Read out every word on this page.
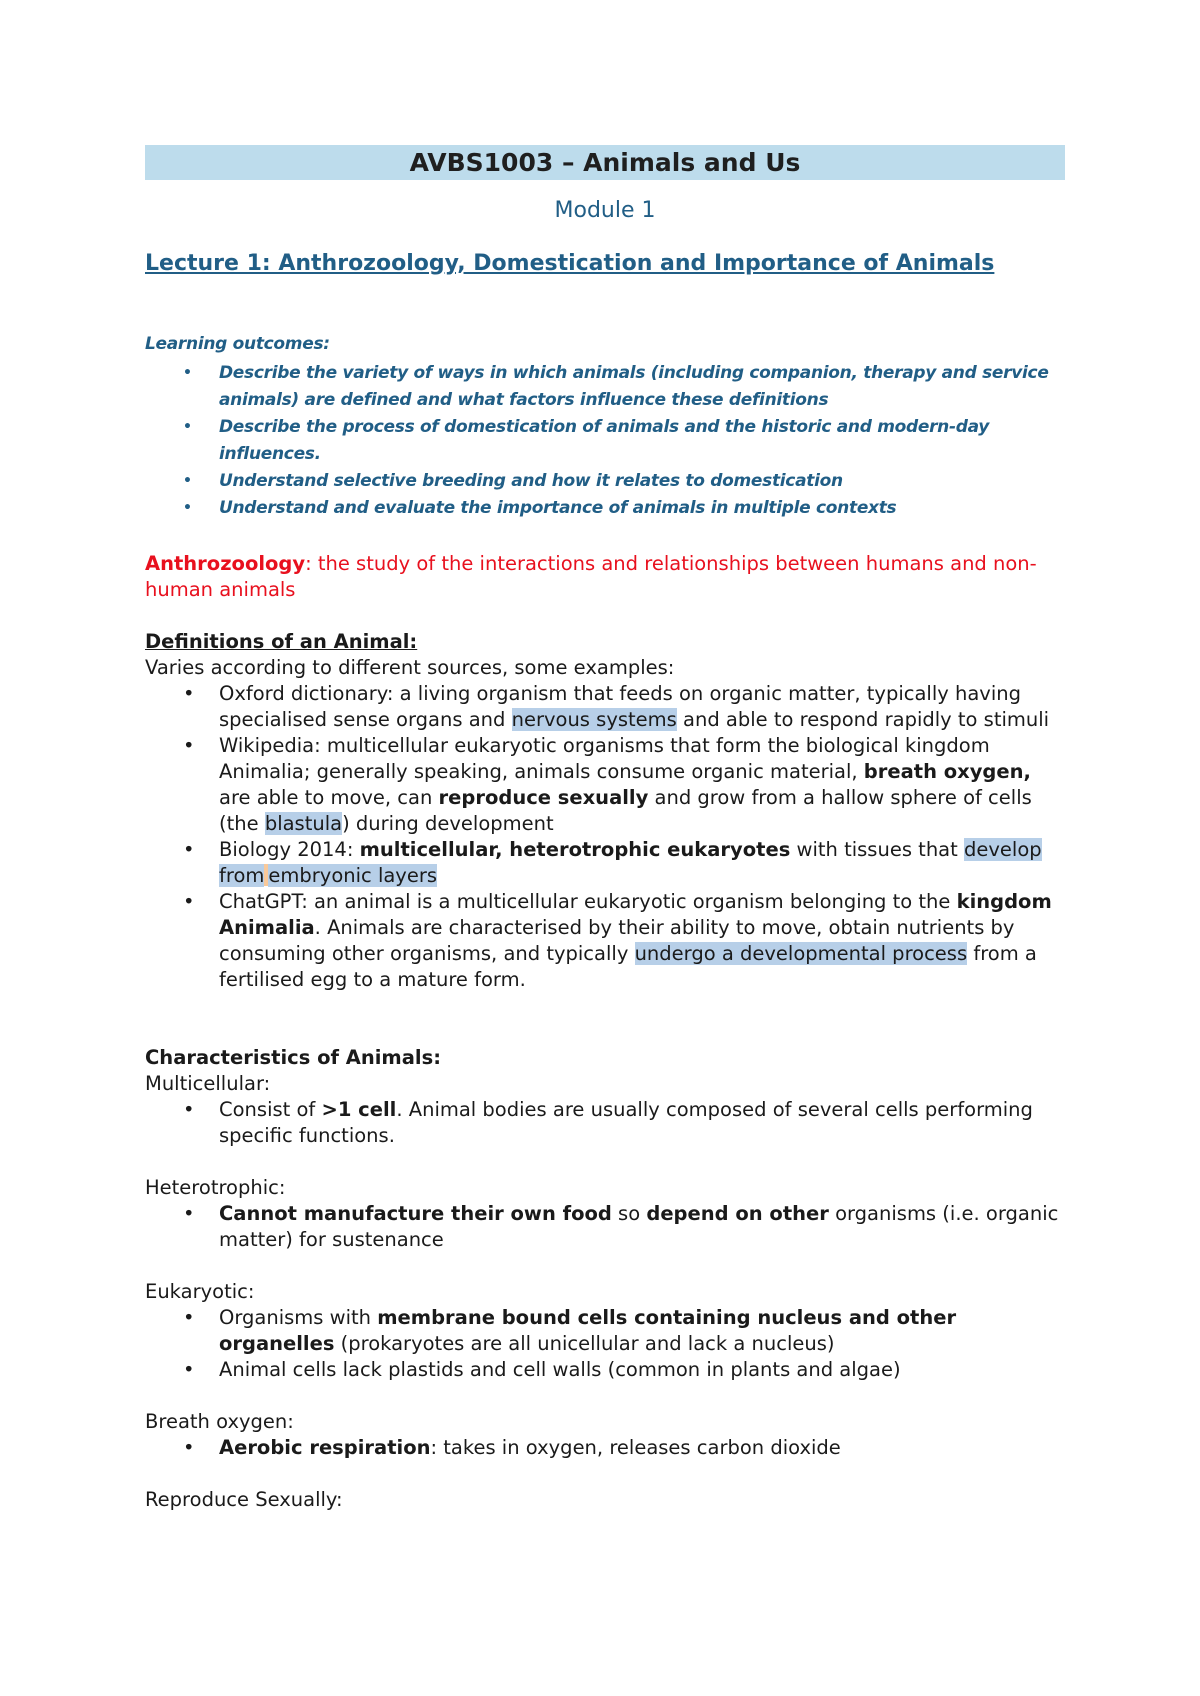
AVBS1003 – Animals and Us
Module 1
Lecture 1: Anthrozoology, Domestication and Importance of Animals
Learning outcomes:
• Describe the variety of ways in which animals (including companion, therapy and service animals) are defined and what factors influence these definitions
• Describe the process of domestication of animals and the historic and modern-day influences.
• Understand selective breeding and how it relates to domestication
• Understand and evaluate the importance of animals in multiple contexts
Anthrozoology: the study of the interactions and relationships between humans and non-human animals
Definitions of an Animal:
Varies according to different sources, some examples:
• Oxford dictionary: a living organism that feeds on organic matter, typically having specialised sense organs and nervous systems and able to respond rapidly to stimuli
• Wikipedia: multicellular eukaryotic organisms that form the biological kingdom Animalia; generally speaking, animals consume organic material, breath oxygen, are able to move, can reproduce sexually and grow from a hallow sphere of cells (the blastula) during development
• Biology 2014: multicellular, heterotrophic eukaryotes with tissues that develop from embryonic layers
• ChatGPT: an animal is a multicellular eukaryotic organism belonging to the kingdom Animalia. Animals are characterised by their ability to move, obtain nutrients by consuming other organisms, and typically undergo a developmental process from a fertilised egg to a mature form.
Characteristics of Animals:
Multicellular:
• Consist of >1 cell. Animal bodies are usually composed of several cells performing specific functions.
Heterotrophic:
• Cannot manufacture their own food so depend on other organisms (i.e. organic matter) for sustenance
Eukaryotic:
• Organisms with membrane bound cells containing nucleus and other organelles (prokaryotes are all unicellular and lack a nucleus)
• Animal cells lack plastids and cell walls (common in plants and algae)
Breath oxygen:
• Aerobic respiration: takes in oxygen, releases carbon dioxide
Reproduce Sexually:
